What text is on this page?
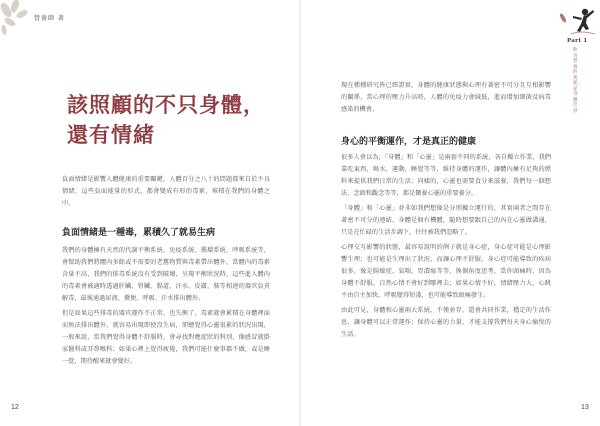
營養師 著
該照顧的不只身體，
還有情緒

負面情緒是影響人體健康的重要關鍵，人體百分之八十的問題都來自於不良情緒，這些負面能量的形式，都會變成有形的毒素，堆積在我們的身體之中。

負面情緒是一種毒，累積久了就易生病

我們的身體擁有天然的代謝平衡系統，免疫系統、循環系統、呼吸系統等，會幫助我們將體內多餘或不需要的老舊物質與毒素帶出體外，當體內的毒素含量不高，我們的排毒系統沒有受到破壞，呈現平衡狀況時，這些進入體內的毒素會被適時透過肝臟、腎臟、腸道、汗水、皮膚、肺等相連的器官負責解毒，最後通過尿液、糞便、呼吸、汗水排出體外。

但是如果這些排毒的器官運作不正常，也失衡了，毒素就會累積在身體裡面而無法排出體外，就容易出現即使沒生病，卻總覺得心靈很累的狀況出現，一般來說，當我們覺得身體不舒服時，會尋找對應症狀的科別，像感冒就掛家醫科或耳鼻喉科；如果心裡上覺得疲倦，我們可能什麼事都不做，或是睡一覺，期待醒來就會變好。

12
Part 1
飲食營養的奧秘，從身體出發

現在種種研究皆已經證實，身體的健康狀態與心理有著密不可分且互相影響的關係，當心理的壓力升高時，人體的免疫力會減低，進而增加細菌及病毒感染的機會。

身心的平衡運作，才是真正的健康

很多人會以為，「身體」和「心靈」是兩套不同的系統，各自獨立作業，我們靠吃東西，喝水，運動，睡覺等等，維持身體的運作，讓體內擁有足夠的燃料來提供我們日常的生活；同樣的，心靈也需要食分來滋養，我們每一個想法、念頭和觀念等等，都是餵養心靈的重要養分。

「身體」和「心靈」並非如我們想像是分別獨立運行的，其實兩者之間存在著密不可分的連結，身體是個有機體，隨時想要跟自己的內在心靈做溝通，只是在忙碌的生活步調下，往往被我們忽略了。

心理交互影響的狀態，最容易說明的例子就是身心症，身心症可能是心理影響生理；也可能是生理出了狀況，而讓心理不舒服，身心症可能導致的疾病很多，像是腸燥症、氣喘、胃潰瘍等等，換個角度思考，當你頭痛時，因為身體不舒服，自然心情不會好到哪裡去；如果心情不好，情緒壓力大，心跳不由自主加快，呼吸變得短淺，也可能導致頭痛發生。

由此可見，身體和心靈兩大系統，不僅並存，還會共同作業，穩定的生活作息，讓身體可以正常運作；保持心靈的力量，才能支撐我們每天身心愉悅的生活。

13
